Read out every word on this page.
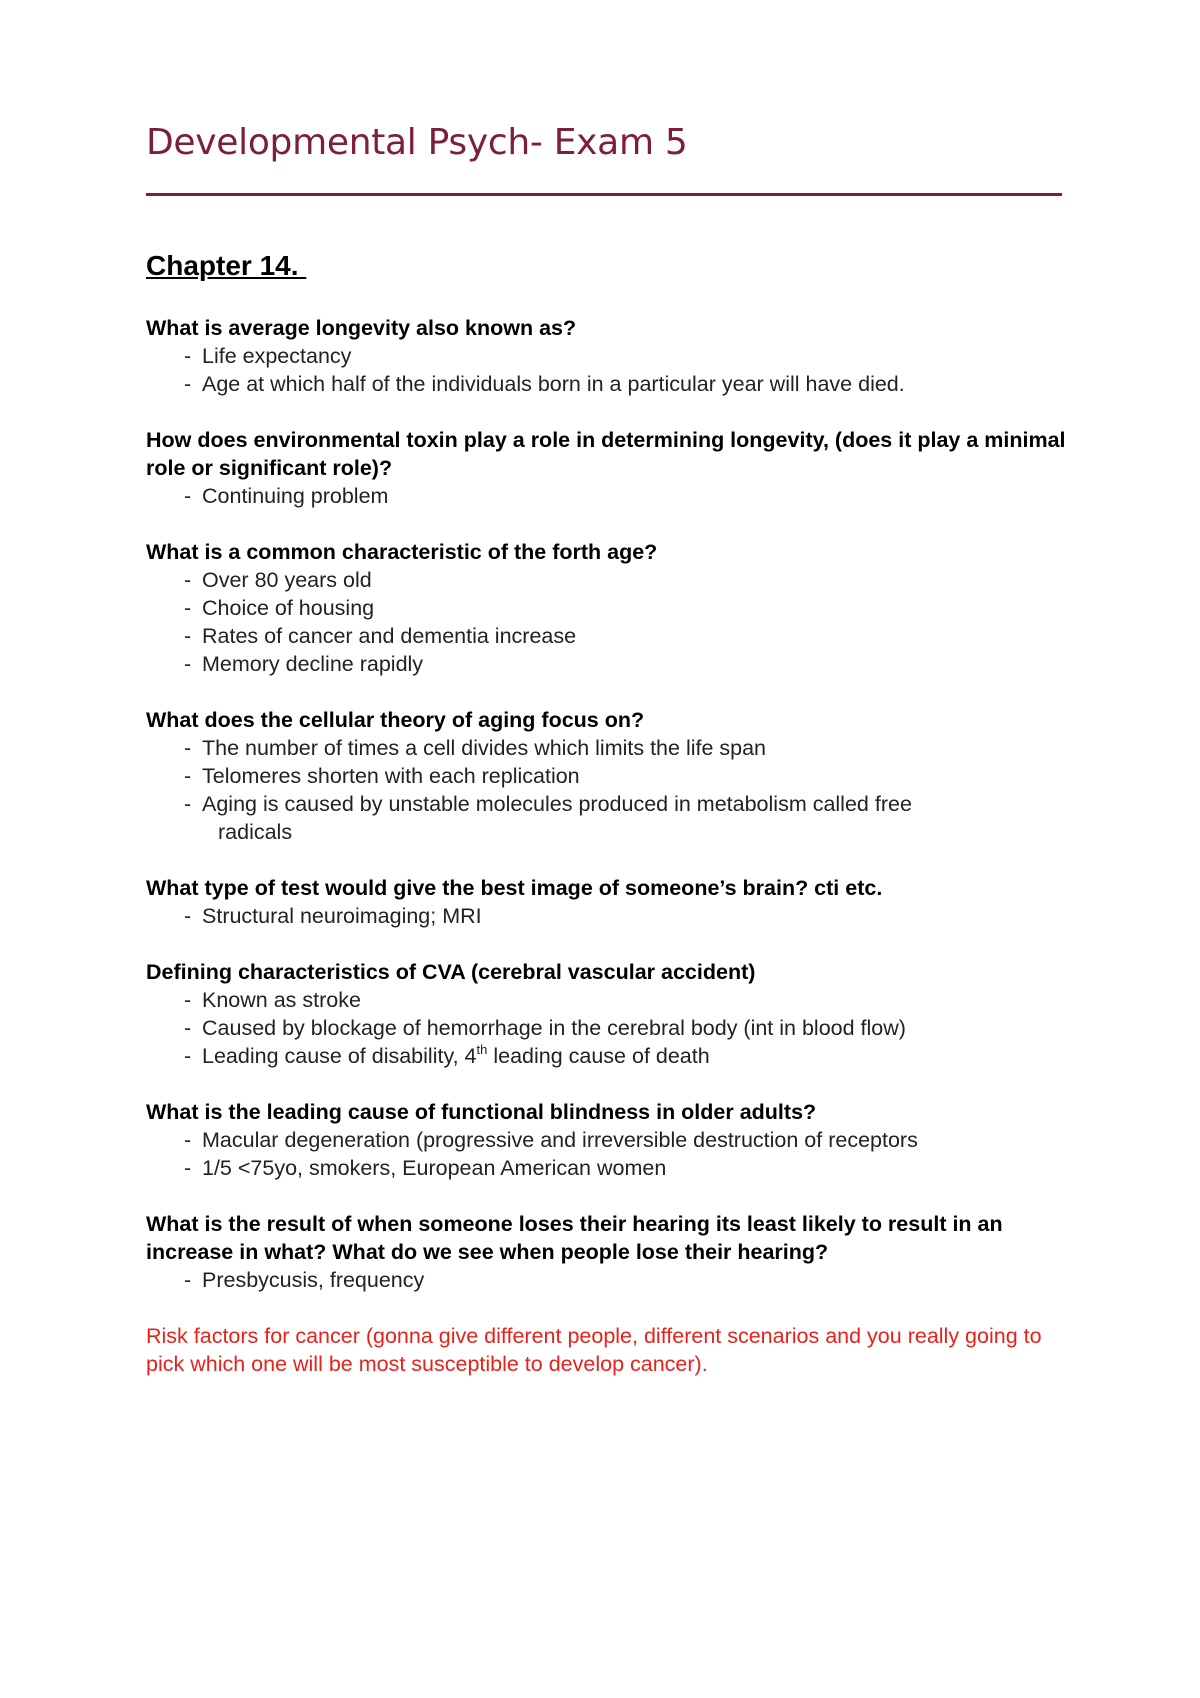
Developmental Psych- Exam 5
Chapter 14.

What is average longevity also known as?

- Life expectancy
- Age at which half of the individuals born in a particular year will have died.

How does environmental toxin play a role in determining longevity, (does it play a minimal role or significant role)?

- Continuing problem

What is a common characteristic of the forth age?

- Over 80 years old
- Choice of housing
- Rates of cancer and dementia increase
- Memory decline rapidly

What does the cellular theory of aging focus on?

- The number of times a cell divides which limits the life span
- Telomeres shorten with each replication
- Aging is caused by unstable molecules produced in metabolism called free
radicals

What type of test would give the best image of someone’s brain? cti etc.

- Structural neuroimaging; MRI

Defining characteristics of CVA (cerebral vascular accident)

- Known as stroke
- Caused by blockage of hemorrhage in the cerebral body (int in blood flow)
- Leading cause of disability, 4th leading cause of death

What is the leading cause of functional blindness in older adults?

- Macular degeneration (progressive and irreversible destruction of receptors
- 1/5 <75yo, smokers, European American women

What is the result of when someone loses their hearing its least likely to result in an increase in what? What do we see when people lose their hearing?

- Presbycusis, frequency

Risk factors for cancer (gonna give different people, different scenarios and you really going to pick which one will be most susceptible to develop cancer).
